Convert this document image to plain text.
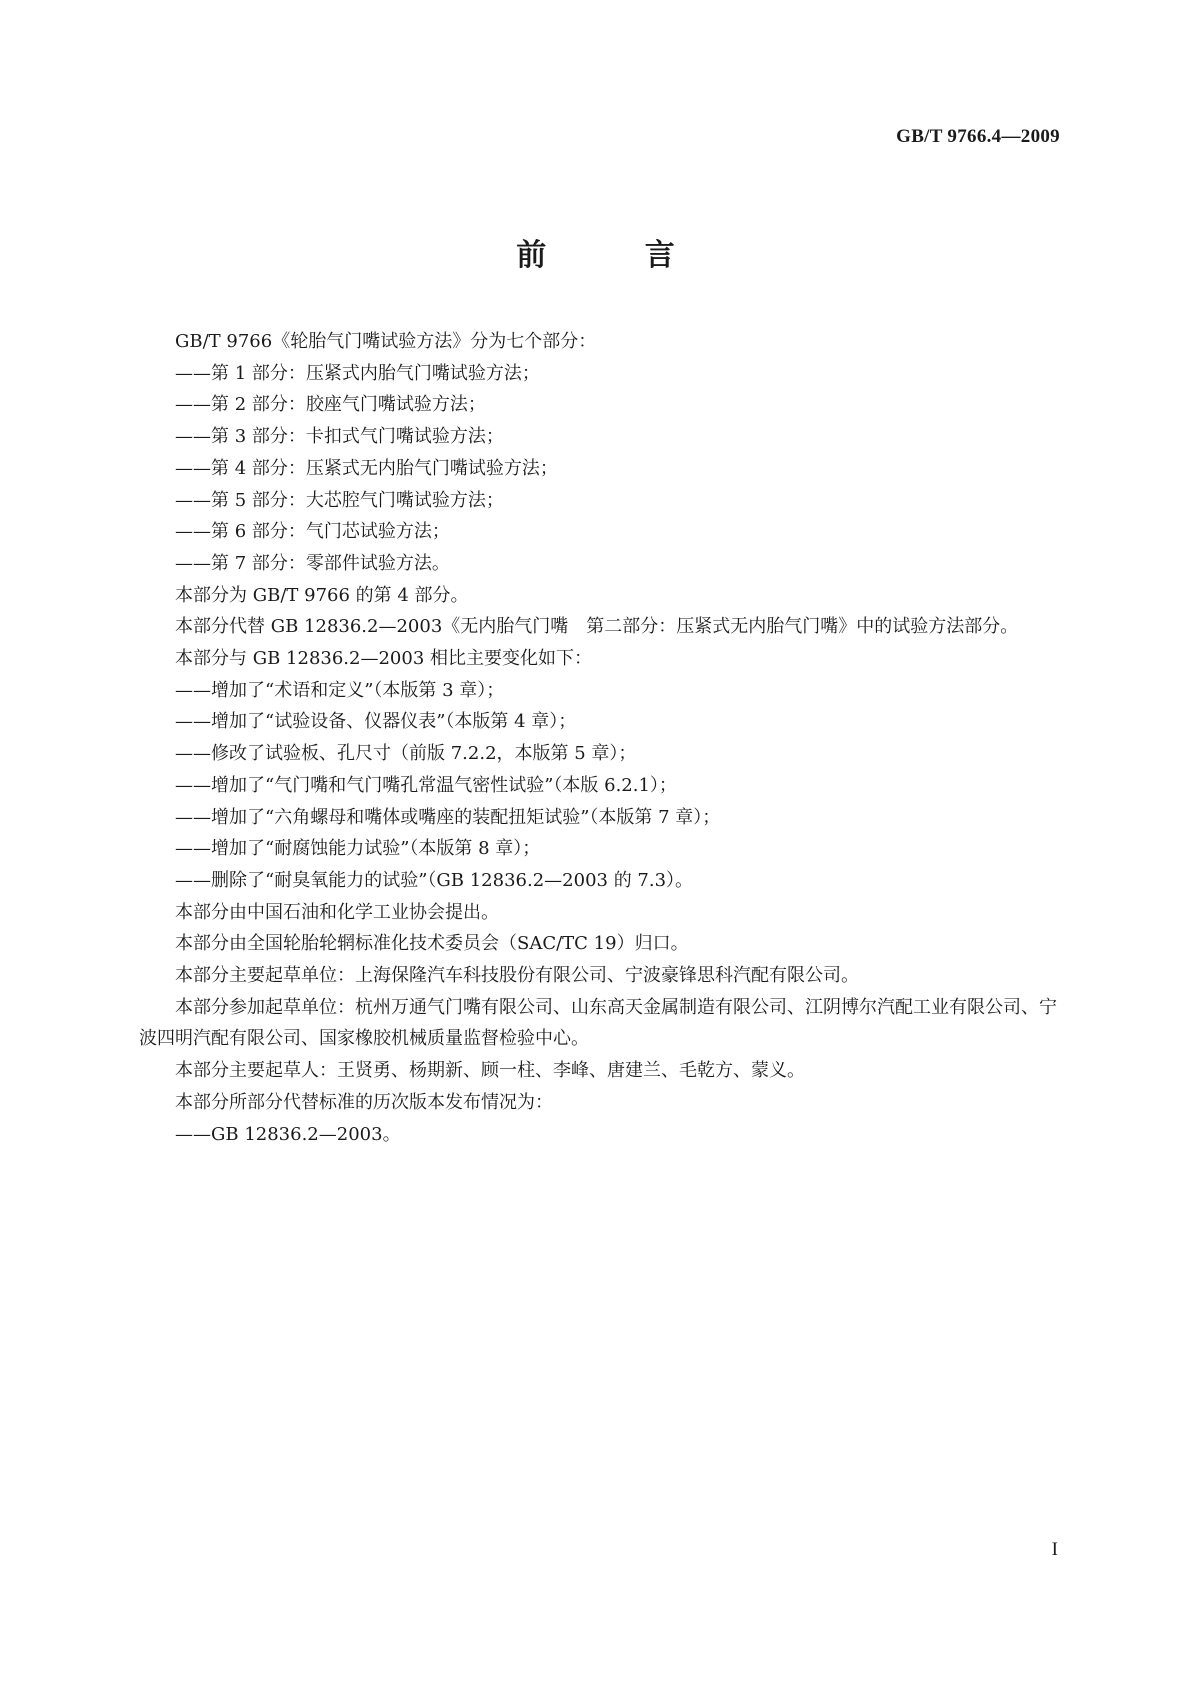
GB/T 9766.4—2009
前 言

GB/T 9766《轮胎气门嘴试验方法》分为七个部分：

——第 1 部分：压紧式内胎气门嘴试验方法；

——第 2 部分：胶座气门嘴试验方法；

——第 3 部分：卡扣式气门嘴试验方法；

——第 4 部分：压紧式无内胎气门嘴试验方法；

——第 5 部分：大芯腔气门嘴试验方法；

——第 6 部分：气门芯试验方法；

——第 7 部分：零部件试验方法。

本部分为 GB/T 9766 的第 4 部分。

本部分代替 GB 12836.2—2003《无内胎气门嘴　第二部分：压紧式无内胎气门嘴》中的试验方法部分。

本部分与 GB 12836.2—2003 相比主要变化如下：

——增加了“术语和定义”（本版第 3 章）；

——增加了“试验设备、仪器仪表”（本版第 4 章）；

——修改了试验板、孔尺寸（前版 7.2.2，本版第 5 章）；

——增加了“气门嘴和气门嘴孔常温气密性试验”（本版 6.2.1）；

——增加了“六角螺母和嘴体或嘴座的装配扭矩试验”（本版第 7 章）；

——增加了“耐腐蚀能力试验”（本版第 8 章）；

——删除了“耐臭氧能力的试验”（GB 12836.2—2003 的 7.3）。

本部分由中国石油和化学工业协会提出。

本部分由全国轮胎轮辋标准化技术委员会（SAC/TC 19）归口。

本部分主要起草单位：上海保隆汽车科技股份有限公司、宁波豪锋思科汽配有限公司。

本部分参加起草单位：杭州万通气门嘴有限公司、山东高天金属制造有限公司、江阴博尔汽配工业有限公司、宁波四明汽配有限公司、国家橡胶机械质量监督检验中心。

本部分主要起草人：王贤勇、杨期新、顾一柱、李峰、唐建兰、毛乾方、蒙义。

本部分所部分代替标准的历次版本发布情况为：

——GB 12836.2—2003。

I
